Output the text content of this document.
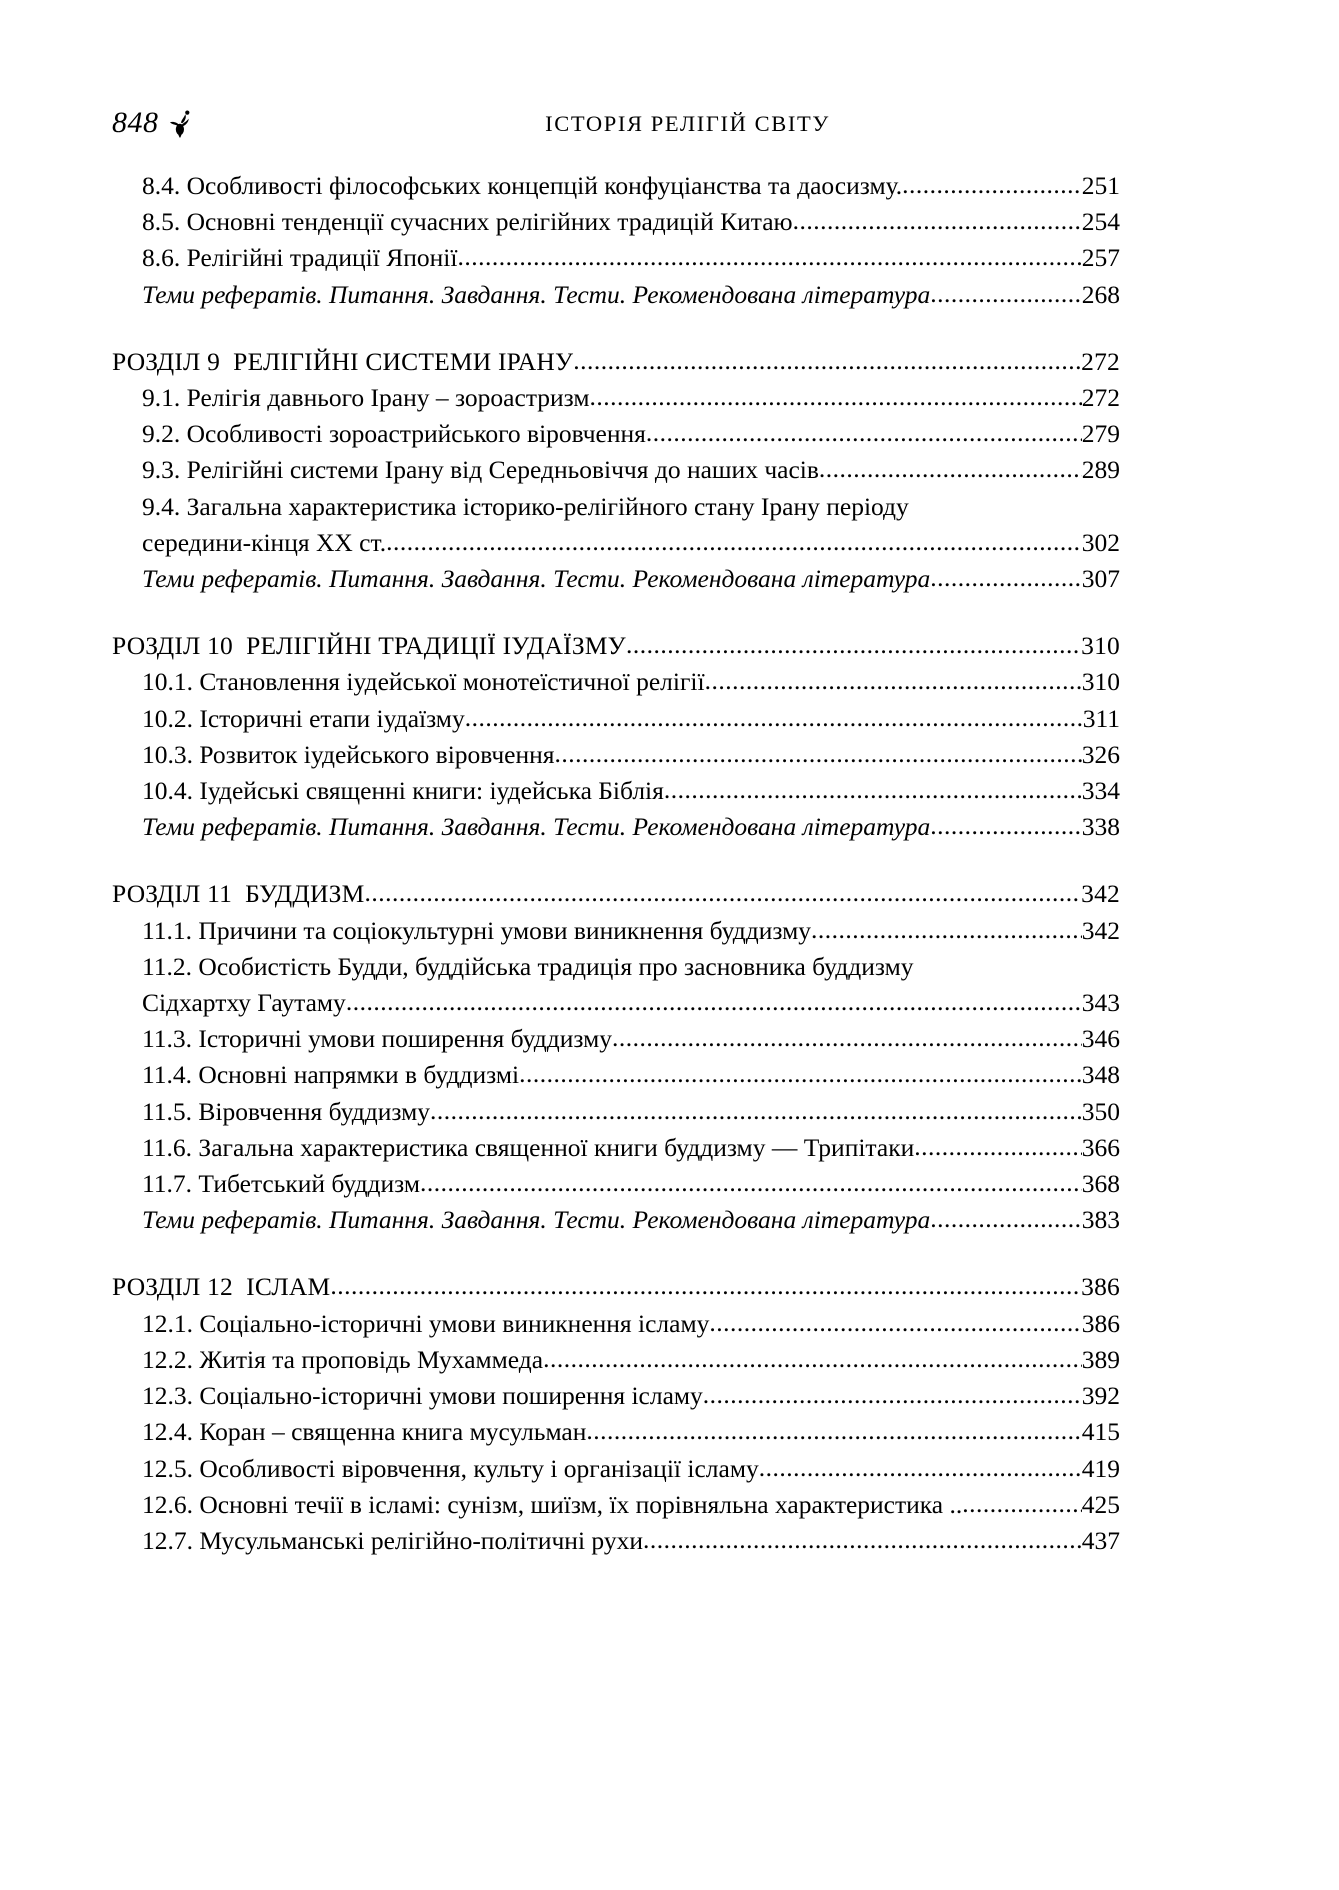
848	ІСТОРІЯ РЕЛІГІЙ СВІТУ
8.4. Особливості філософських концепцій конфуціанства та даосизму. .....	251
8.5. Основні тенденції сучасних релігійних традицій Китаю .....	254
8.6. Релігійні традиції Японії .....	257
Теми рефератів. Питання. Завдання. Тести. Рекомендована література .....	268
РОЗДІЛ 9  РЕЛІГІЙНІ СИСТЕМИ ІРАНУ .....	272
9.1. Релігія давнього Ірану – зороастризм .....	272
9.2. Особливості зороастрийського віровчення .....	279
9.3. Релігійні системи Ірану від Середньовіччя до наших часів .....	289
9.4. Загальна характеристика історико-релігійного стану Ірану періоду
середини-кінця ХХ ст. .....	302
Теми рефератів. Питання. Завдання. Тести. Рекомендована література .....	307
РОЗДІЛ 10  РЕЛІГІЙНІ ТРАДИЦІЇ ІУДАЇЗМУ .....	310
10.1. Становлення іудейської монотеїстичної релігії .....	310
10.2. Історичні етапи іудаїзму .....	311
10.3. Розвиток іудейського віровчення .....	326
10.4. Іудейські священні книги: іудейська Біблія .....	334
Теми рефератів. Питання. Завдання. Тести. Рекомендована література .....	338
РОЗДІЛ 11  БУДДИЗМ .....	342
11.1. Причини та соціокультурні умови виникнення буддизму .....	342
11.2. Особистість Будди, буддійська традиція про засновника буддизму
Сідхартху Гаутаму .....	343
11.3. Історичні умови поширення буддизму .....	346
11.4. Основні напрямки в буддизмі .....	348
11.5. Віровчення буддизму .....	350
11.6. Загальна характеристика священної книги буддизму — Трипітаки .....	366
11.7. Тибетський буддизм .....	368
Теми рефератів. Питання. Завдання. Тести. Рекомендована література .....	383
РОЗДІЛ 12  ІСЛАМ .....	386
12.1. Соціально-історичні умови виникнення ісламу .....	386
12.2. Житія та проповідь Мухаммеда .....	389
12.3. Соціально-історичні умови поширення ісламу .....	392
12.4. Коран – священна книга мусульман .....	415
12.5. Особливості віровчення, культу і організації ісламу .....	419
12.6. Основні течії в ісламі: сунізм, шиїзм, їх порівняльна характеристика .. .....	425
12.7. Мусульманські релігійно-політичні рухи .....	437
